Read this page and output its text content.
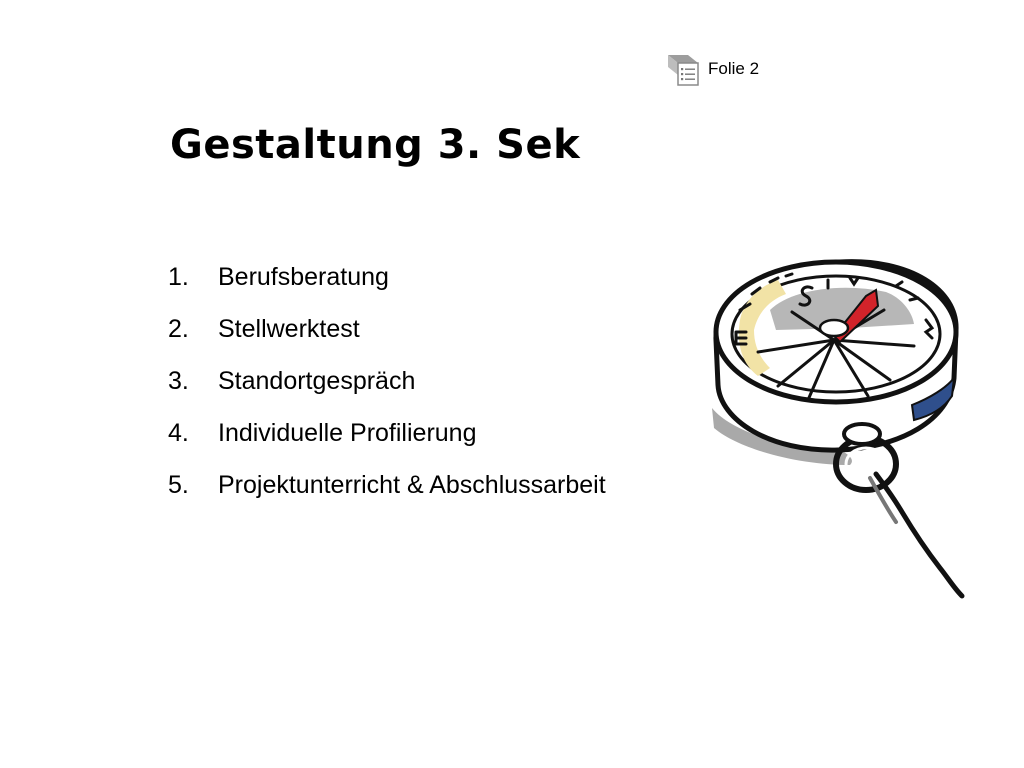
Folie 2
Gestaltung 3. Sek
1.	Berufsberatung
2.	Stellwerktest
3.	Standortgespräch
4.	Individuelle Profilierung
5.	Projektunterricht & Abschlussarbeit
